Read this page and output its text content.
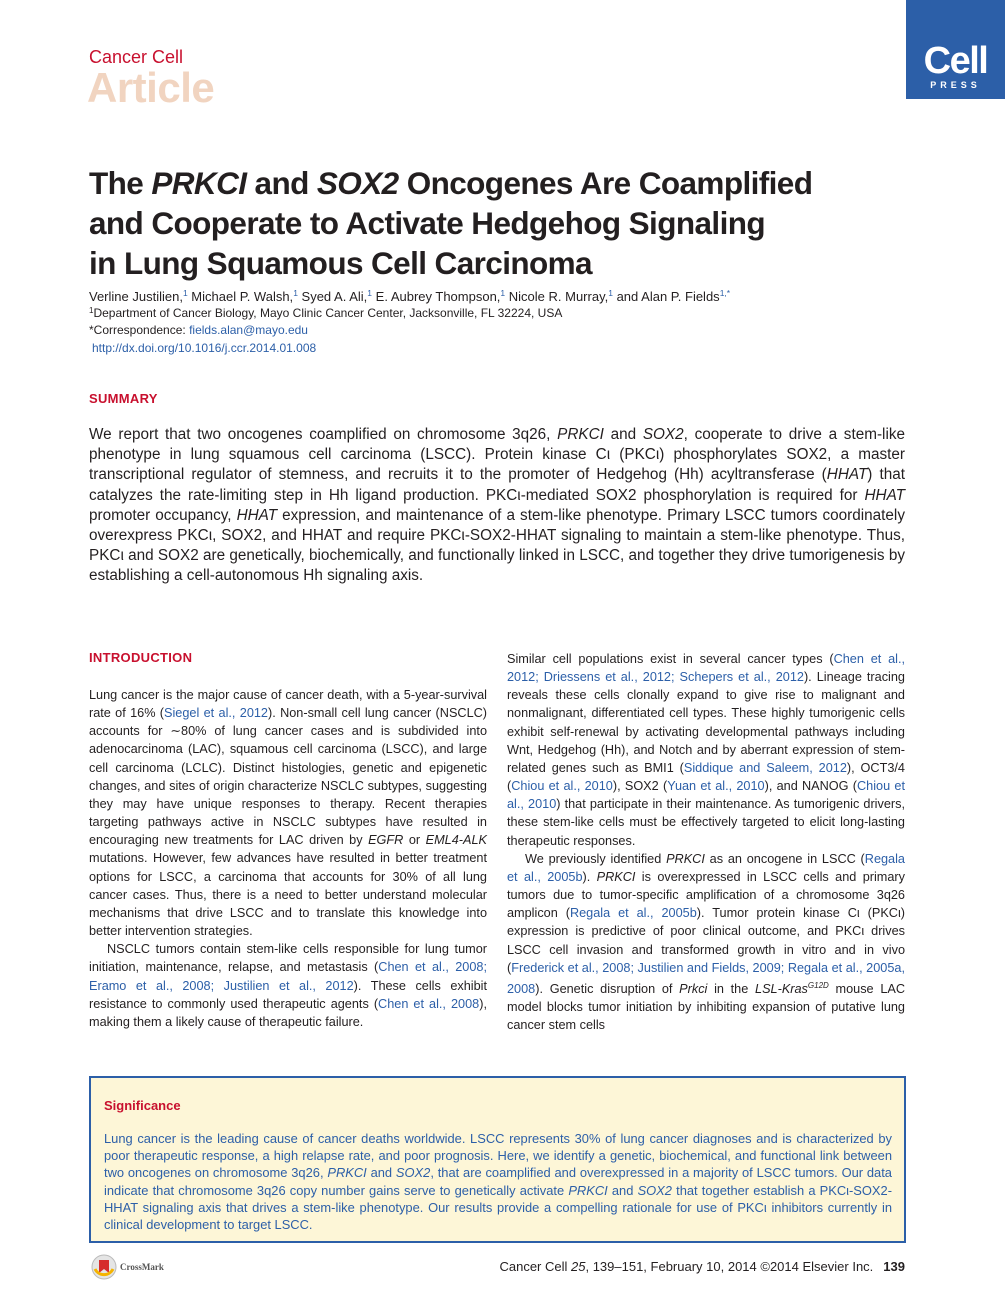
Cancer Cell
Article
Cell
PRESS
The PRKCI and SOX2 Oncogenes Are Coamplified
and Cooperate to Activate Hedgehog Signaling
in Lung Squamous Cell Carcinoma
Verline Justilien,$^1$ Michael P. Walsh,$^1$ Syed A. Ali,$^1$ E. Aubrey Thompson,$^1$ Nicole R. Murray,$^1$ and Alan P. Fields$^{1,*}$
$^1$Department of Cancer Biology, Mayo Clinic Cancer Center, Jacksonville, FL 32224, USA
*Correspondence: fields.alan@mayo.edu
http://dx.doi.org/10.1016/j.ccr.2014.01.008
SUMMARY

We report that two oncogenes coamplified on chromosome 3q26, PRKCI and SOX2, cooperate to drive a stem-like phenotype in lung squamous cell carcinoma (LSCC). Protein kinase Cι (PKCι) phosphorylates SOX2, a master transcriptional regulator of stemness, and recruits it to the promoter of Hedgehog (Hh) acyltransferase (HHAT) that catalyzes the rate-limiting step in Hh ligand production. PKCι-mediated SOX2 phosphorylation is required for HHAT promoter occupancy, HHAT expression, and maintenance of a stem-like phenotype. Primary LSCC tumors coordinately overexpress PKCι, SOX2, and HHAT and require PKCι-SOX2-HHAT signaling to maintain a stem-like phenotype. Thus, PKCι and SOX2 are genetically, biochemically, and functionally linked in LSCC, and together they drive tumorigenesis by establishing a cell-autonomous Hh signaling axis.

INTRODUCTION

Lung cancer is the major cause of cancer death, with a 5-year-survival rate of 16% (Siegel et al., 2012). Non-small cell lung cancer (NSCLC) accounts for ∼80% of lung cancer cases and is subdivided into adenocarcinoma (LAC), squamous cell carcinoma (LSCC), and large cell carcinoma (LCLC). Distinct histologies, genetic and epigenetic changes, and sites of origin characterize NSCLC subtypes, suggesting they may have unique responses to therapy. Recent therapies targeting pathways active in NSCLC subtypes have resulted in encouraging new treatments for LAC driven by EGFR or EML4-ALK mutations. However, few advances have resulted in better treatment options for LSCC, a carcinoma that accounts for 30% of all lung cancer cases. Thus, there is a need to better understand molecular mechanisms that drive LSCC and to translate this knowledge into better intervention strategies.

NSCLC tumors contain stem-like cells responsible for lung tumor initiation, maintenance, relapse, and metastasis (Chen et al., 2008; Eramo et al., 2008; Justilien et al., 2012). These cells exhibit resistance to commonly used therapeutic agents (Chen et al., 2008), making them a likely cause of therapeutic failure.

Similar cell populations exist in several cancer types (Chen et al., 2012; Driessens et al., 2012; Schepers et al., 2012). Lineage tracing reveals these cells clonally expand to give rise to malignant and nonmalignant, differentiated cell types. These highly tumorigenic cells exhibit self-renewal by activating developmental pathways including Wnt, Hedgehog (Hh), and Notch and by aberrant expression of stem-related genes such as BMI1 (Siddique and Saleem, 2012), OCT3/4 (Chiou et al., 2010), SOX2 (Yuan et al., 2010), and NANOG (Chiou et al., 2010) that participate in their maintenance. As tumorigenic drivers, these stem-like cells must be effectively targeted to elicit long-lasting therapeutic responses.

We previously identified PRKCI as an oncogene in LSCC (Regala et al., 2005b). PRKCI is overexpressed in LSCC cells and primary tumors due to tumor-specific amplification of a chromosome 3q26 amplicon (Regala et al., 2005b). Tumor protein kinase Cι (PKCι) expression is predictive of poor clinical outcome, and PKCι drives LSCC cell invasion and transformed growth in vitro and in vivo (Frederick et al., 2008; Justilien and Fields, 2009; Regala et al., 2005a, 2008). Genetic disruption of Prkci in the LSL-Kras$^{G12D}$ mouse LAC model blocks tumor initiation by inhibiting expansion of putative lung cancer stem cells

Significance
Lung cancer is the leading cause of cancer deaths worldwide. LSCC represents 30% of lung cancer diagnoses and is characterized by poor therapeutic response, a high relapse rate, and poor prognosis. Here, we identify a genetic, biochemical, and functional link between two oncogenes on chromosome 3q26, PRKCI and SOX2, that are coamplified and overexpressed in a majority of LSCC tumors. Our data indicate that chromosome 3q26 copy number gains serve to genetically activate PRKCI and SOX2 that together establish a PKCι-SOX2-HHAT signaling axis that drives a stem-like phenotype. Our results provide a compelling rationale for use of PKCι inhibitors currently in clinical development to target LSCC.
CrossMark	Cancer Cell 25, 139–151, February 10, 2014 ©2014 Elsevier Inc. 139
